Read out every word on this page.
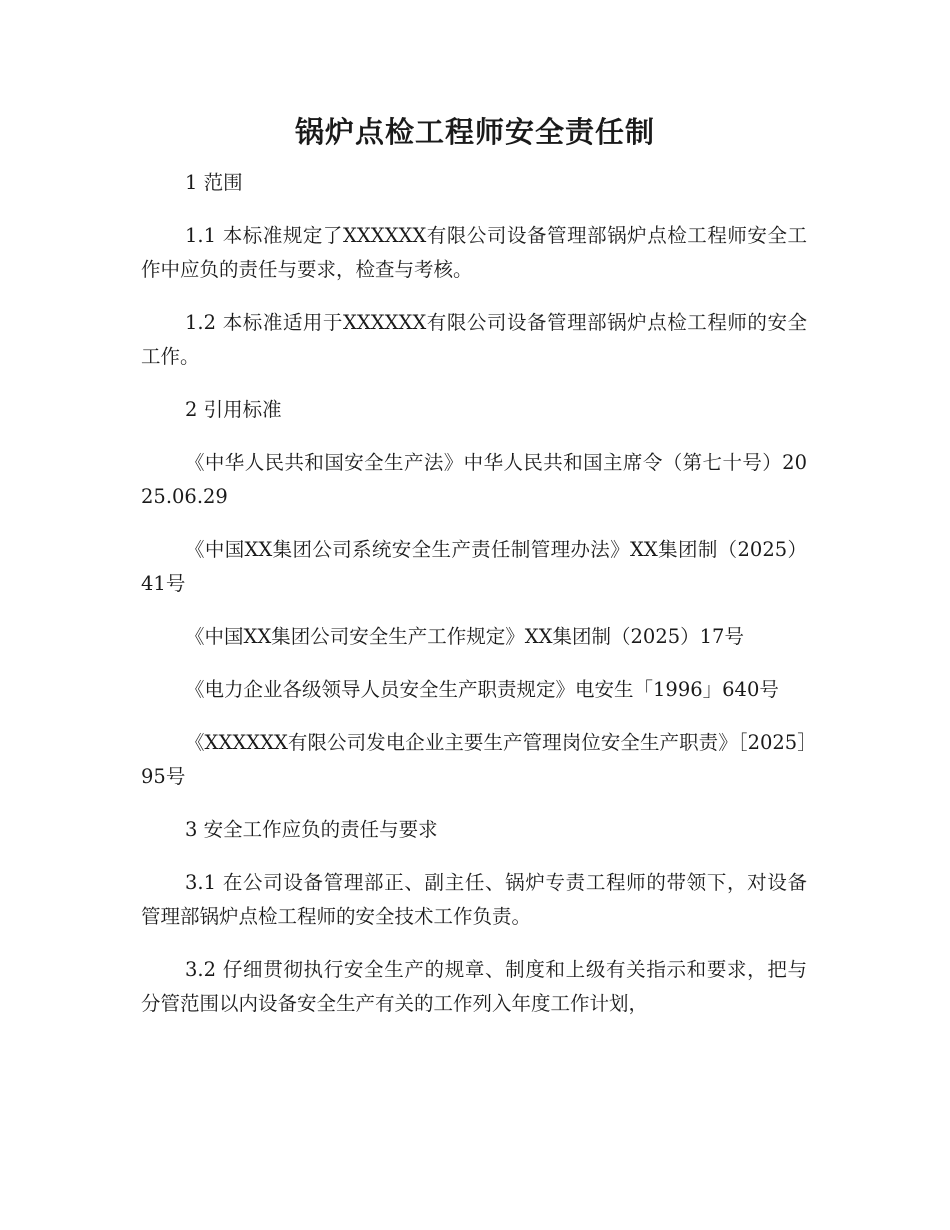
锅炉点检工程师安全责任制

1 范围

1.1 本标准规定了XXXXXX有限公司设备管理部锅炉点检工程师安全工作中应负的责任与要求，检查与考核。

1.2 本标准适用于XXXXXX有限公司设备管理部锅炉点检工程师的安全工作。

2 引用标准

《中华人民共和国安全生产法》中华人民共和国主席令（第七十号）2025.06.29

《中国XX集团公司系统安全生产责任制管理办法》XX集团制（2025）41号

《中国XX集团公司安全生产工作规定》XX集团制（2025）17号

《电力企业各级领导人员安全生产职责规定》电安生「1996」640号

《XXXXXX有限公司发电企业主要生产管理岗位安全生产职责》［2025］95号

3 安全工作应负的责任与要求

3.1 在公司设备管理部正、副主任、锅炉专责工程师的带领下，对设备管理部锅炉点检工程师的安全技术工作负责。

3.2 仔细贯彻执行安全生产的规章、制度和上级有关指示和要求，把与分管范围以内设备安全生产有关的工作列入年度工作计划，
